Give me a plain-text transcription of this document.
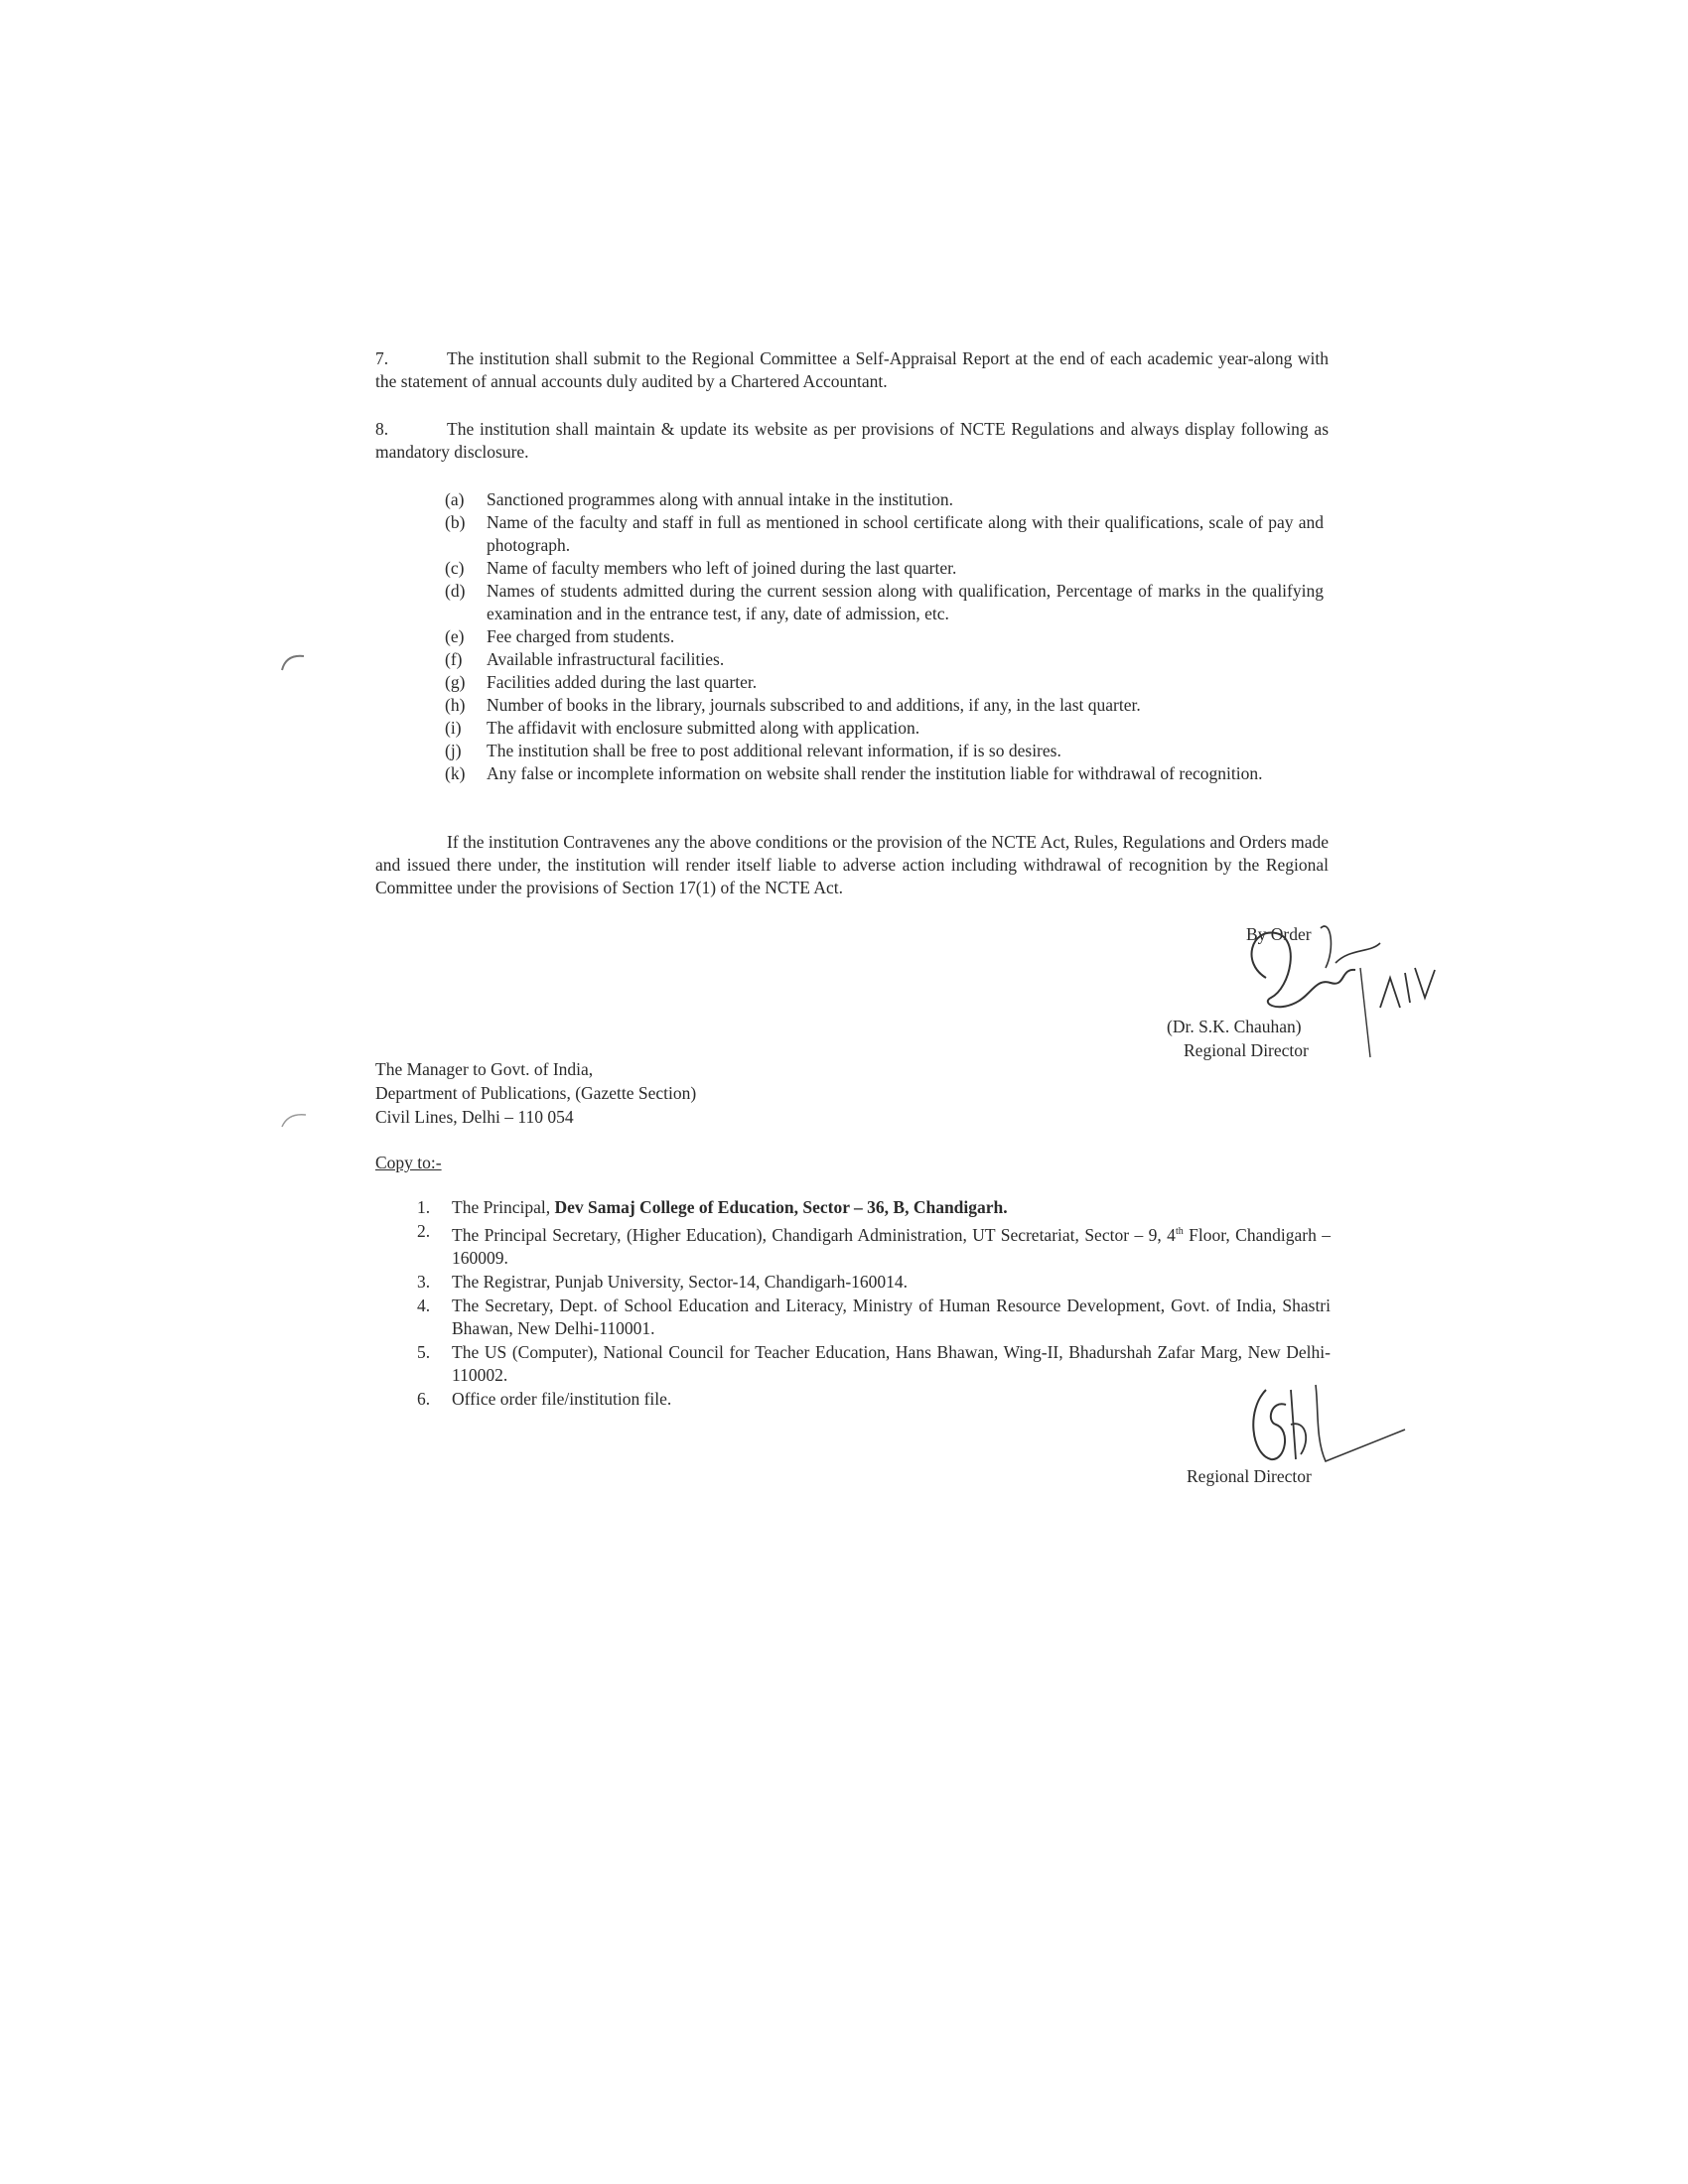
7.	The institution shall submit to the Regional Committee a Self-Appraisal Report at the end of each academic year-along with the statement of annual accounts duly audited by a Chartered Accountant.
8.	The institution shall maintain & update its website as per provisions of NCTE Regulations and always display following as mandatory disclosure.
(a) Sanctioned programmes along with annual intake in the institution.
(b) Name of the faculty and staff in full as mentioned in school certificate along with their qualifications, scale of pay and photograph.
(c) Name of faculty members who left of joined during the last quarter.
(d) Names of students admitted during the current session along with qualification, Percentage of marks in the qualifying examination and in the entrance test, if any, date of admission, etc.
(e) Fee charged from students.
(f) Available infrastructural facilities.
(g) Facilities added during the last quarter.
(h) Number of books in the library, journals subscribed to and additions, if any, in the last quarter.
(i) The affidavit with enclosure submitted along with application.
(j) The institution shall be free to post additional relevant information, if is so desires.
(k) Any false or incomplete information on website shall render the institution liable for withdrawal of recognition.
If the institution Contravenes any the above conditions or the provision of the NCTE Act, Rules, Regulations and Orders made and issued there under, the institution will render itself liable to adverse action including withdrawal of recognition by the Regional Committee under the provisions of Section 17(1) of the NCTE Act.
By Order
(Dr. S.K. Chauhan)
Regional Director
The Manager to Govt. of India,
Department of Publications, (Gazette Section)
Civil Lines, Delhi – 110 054
Copy to:-
1. The Principal, Dev Samaj College of Education, Sector – 36, B, Chandigarh.
2. The Principal Secretary, (Higher Education), Chandigarh Administration, UT Secretariat, Sector – 9, 4th Floor, Chandigarh – 160009.
3. The Registrar, Punjab University, Sector-14, Chandigarh-160014.
4. The Secretary, Dept. of School Education and Literacy, Ministry of Human Resource Development, Govt. of India, Shastri Bhawan, New Delhi-110001.
5. The US (Computer), National Council for Teacher Education, Hans Bhawan, Wing-II, Bhadurshah Zafar Marg, New Delhi-110002.
6. Office order file/institution file.
Regional Director
